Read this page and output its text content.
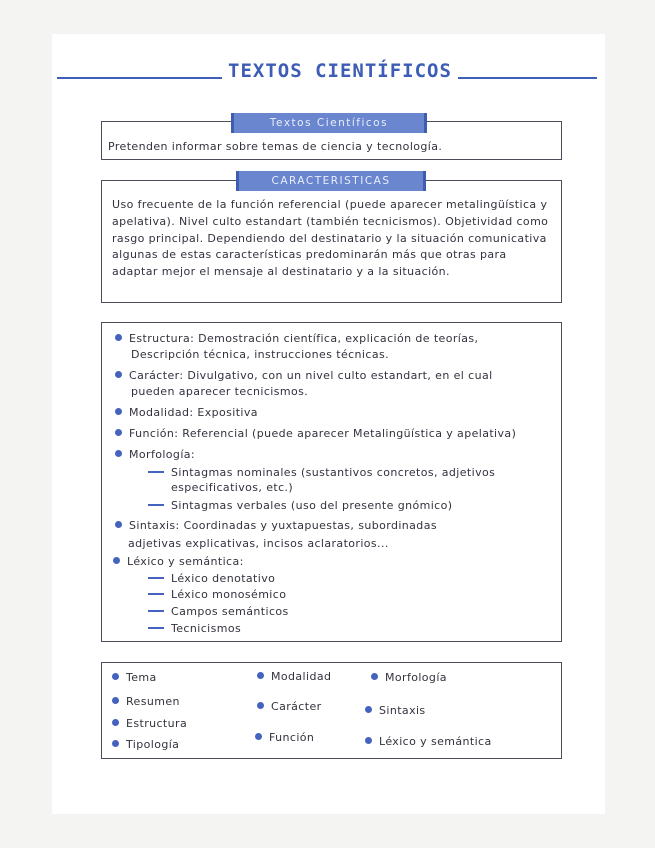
TEXTOS CIENTÍFICOS
Textos Científicos
Pretenden informar sobre temas de ciencia y tecnología.
CARACTERISTICAS
Uso frecuente de la función referencial (puede aparecer metalingüística y apelativa). Nivel culto estandart (también tecnicismos). Objetividad como rasgo principal. Dependiendo del destinatario y la situación comunicativa algunas de estas características predominarán más que otras para adaptar mejor el mensaje al destinatario y a la situación.
Estructura: Demostración científica, explicación de teorías,
Descripción técnica, instrucciones técnicas.
Carácter: Divulgativo, con un nivel culto estandart, en el cual
pueden aparecer tecnicismos.
Modalidad: Expositiva
Función: Referencial (puede aparecer Metalingüística y apelativa)
Morfología:
Sintagmas nominales (sustantivos concretos, adjetivos
especificativos, etc.)
Sintagmas verbales (uso del presente gnómico)
Sintaxis: Coordinadas y yuxtapuestas, subordinadas
adjetivas explicativas, incisos aclaratorios...
Léxico y semántica:
Léxico denotativo
Léxico monosémico
Campos semánticos
Tecnicismos
Tema
Resumen
Estructura
Tipología
Modalidad
Carácter
Función
Morfología
Sintaxis
Léxico y semántica
